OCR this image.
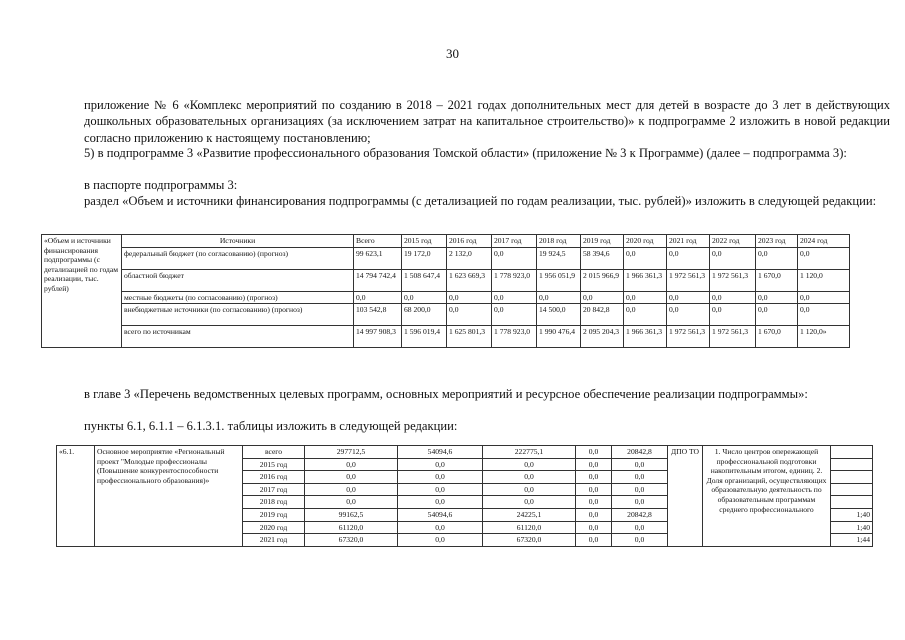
30
приложение № 6 «Комплекс мероприятий по созданию в 2018 – 2021 годах дополнительных мест для детей в возрасте до 3 лет в действующих дошкольных образовательных организациях (за исключением затрат на капитальное строительство)» к подпрограмме 2 изложить в новой редакции согласно приложению к настоящему постановлению;
5) в подпрограмме 3 «Развитие профессионального образования Томской области» (приложение № 3 к Программе) (далее – подпрограмма 3):
в паспорте подпрограммы 3:
раздел «Объем и источники финансирования подпрограммы (с детализацией по годам реализации, тыс. рублей)» изложить в следующей редакции:
«Объем и источники финансирования подпрограммы (с детализацией по годам реализации, тыс. рублей)	Источники	Всего	2015 год	2016 год	2017 год	2018 год	2019 год	2020 год	2021 год	2022 год	2023 год	2024 год
	федеральный бюджет (по согласованию) (прогноз)	99 623,1	19 172,0	2 132,0	0,0	19 924,5	58 394,6	0,0	0,0	0,0	0,0	0,0
	областной бюджет	14 794 742,4	1 508 647,4	1 623 669,3	1 778 923,0	1 956 051,9	2 015 966,9	1 966 361,3	1 972 561,3	1 972 561,3	1 670,0	1 120,0
	местные бюджеты (по согласованию) (прогноз)	0,0	0,0	0,0	0,0	0,0	0,0	0,0	0,0	0,0	0,0	0,0
	внебюджетные источники (по согласованию) (прогноз)	103 542,8	68 200,0	0,0	0,0	14 500,0	20 842,8	0,0	0,0	0,0	0,0	0,0
	всего по источникам	14 997 908,3	1 596 019,4	1 625 801,3	1 778 923,0	1 990 476,4	2 095 204,3	1 966 361,3	1 972 561,3	1 972 561,3	1 670,0	1 120,0»
в главе 3 «Перечень ведомственных целевых программ, основных мероприятий и ресурсное обеспечение реализации подпрограммы»:
пункты 6.1, 6.1.1 – 6.1.3.1. таблицы изложить в следующей редакции:
«6.1.	Основное мероприятие «Региональный проект "Молодые профессионалы (Повышение конкурентоспособности профессионального образования)»	всего	297712,5	54094,6	222775,1	0,0	20842,8	ДПО ТО	1. Число центров опережающей профессиональной подготовки накопительным итогом, единиц. 2. Доля организаций, осуществляющих образовательную деятельность по образовательным программам среднего профессионального	
		2015 год	0,0	0,0	0,0	0,0	0,0			
		2016 год	0,0	0,0	0,0	0,0	0,0			
		2017 год	0,0	0,0	0,0	0,0	0,0			
		2018 год	0,0	0,0	0,0	0,0	0,0			
		2019 год	99162,5	54094,6	24225,1	0,0	20842,8			1;40
		2020 год	61120,0	0,0	61120,0	0,0	0,0			1;40
		2021 год	67320,0	0,0	67320,0	0,0	0,0			1;44
